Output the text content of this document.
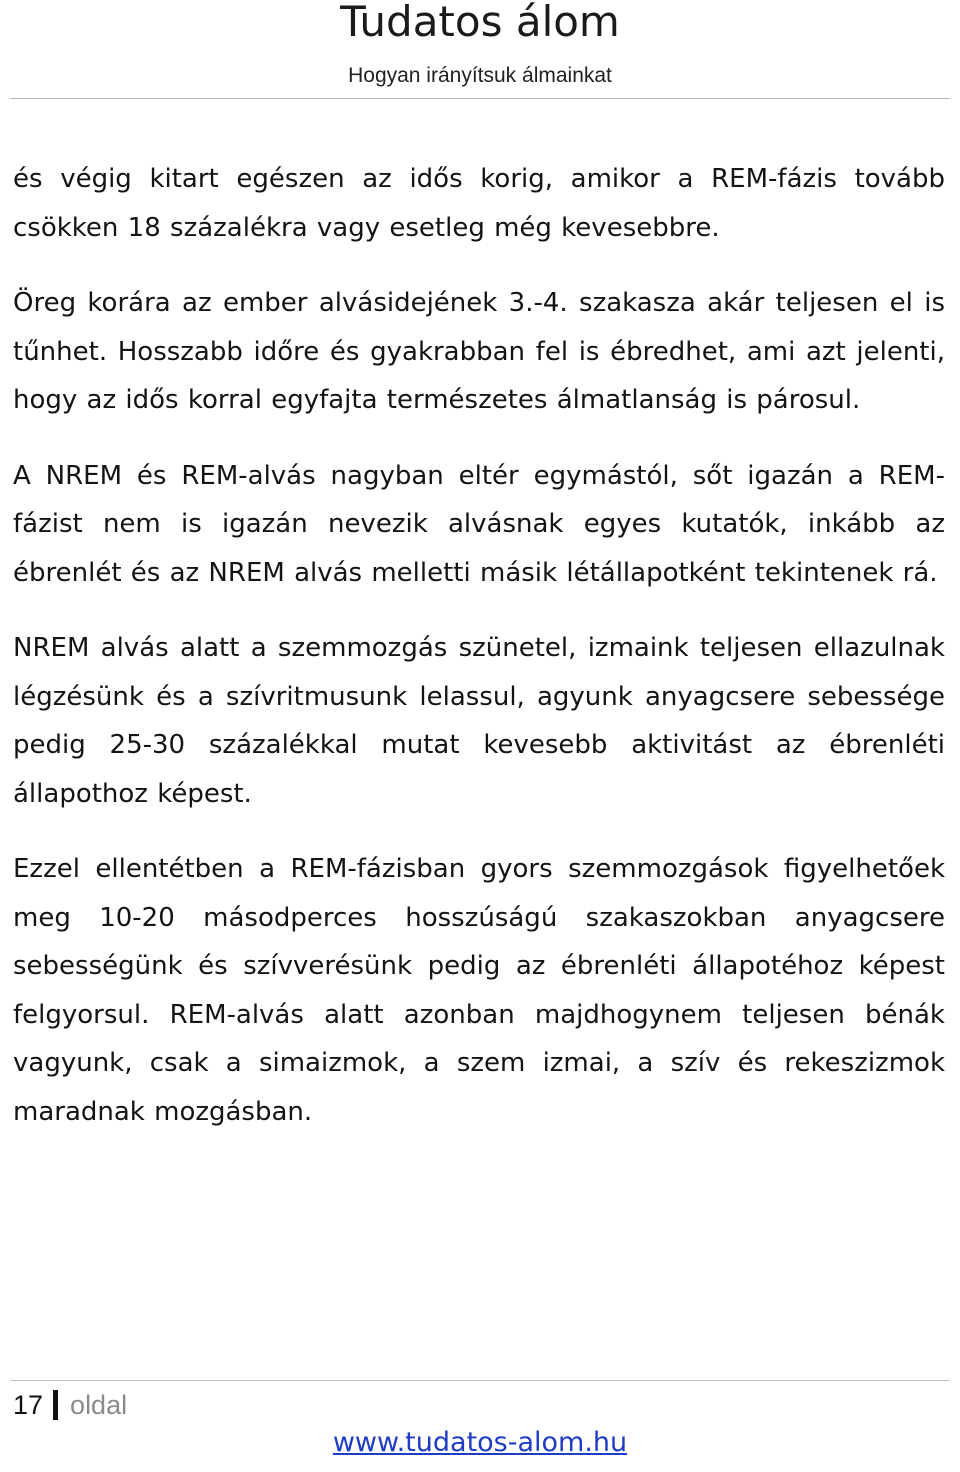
Tudatos álom
Hogyan irányítsuk álmainkat

és végig kitart egészen az idős korig, amikor a REM-fázis tovább csökken 18 százalékra vagy esetleg még kevesebbre.

Öreg korára az ember alvásidejének 3.-4. szakasza akár teljesen el is tűnhet. Hosszabb időre és gyakrabban fel is ébredhet, ami azt jelenti, hogy az idős korral egyfajta természetes álmatlanság is párosul.

A NREM és REM-alvás nagyban eltér egymástól, sőt igazán a REM-fázist nem is igazán nevezik alvásnak egyes kutatók, inkább az ébrenlét és az NREM alvás melletti másik létállapotként tekintenek rá.

NREM alvás alatt a szemmozgás szünetel, izmaink teljesen ellazulnak légzésünk és a szívritmusunk lelassul, agyunk anyagcsere sebessége pedig 25-30 százalékkal mutat kevesebb aktivitást az ébrenléti állapothoz képest.

Ezzel ellentétben a REM-fázisban gyors szemmozgások figyelhetőek meg 10-20 másodperces hosszúságú szakaszokban anyagcsere sebességünk és szívverésünk pedig az ébrenléti állapotéhoz képest felgyorsul. REM-alvás alatt azonban majdhogynem teljesen bénák vagyunk, csak a simaizmok, a szem izmai, a szív és rekeszizmok maradnak mozgásban.

17 oldal
www.tudatos-alom.hu
